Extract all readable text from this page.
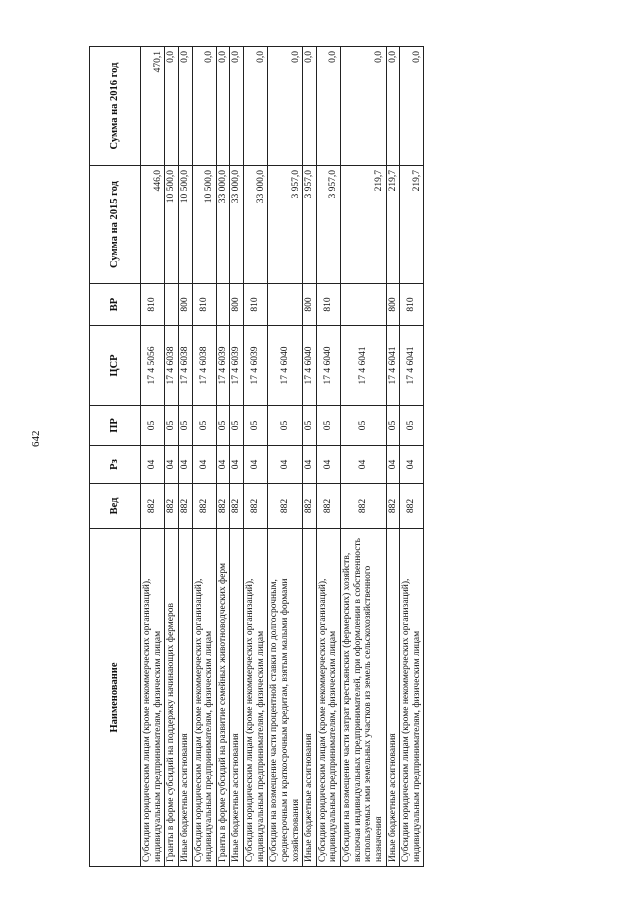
642
Наименование	Вед	Рз	ПР	ЦСР	ВР	Сумма на 2015 год	Сумма на 2016 год
Субсидии юридическим лицам (кроме некоммерческих организаций), индивидуальным предпринимателям, физическим лицам	882	04	05	17 4 5056	810	446,0	470,1
Гранты в форме субсидий на поддержку начинающих фермеров	882	04	05	17 4 6038		10 500,0	0,0
Иные бюджетные ассигнования	882	04	05	17 4 6038	800	10 500,0	0,0
Субсидии юридическим лицам (кроме некоммерческих организаций), индивидуальным предпринимателям, физическим лицам	882	04	05	17 4 6038	810	10 500,0	0,0
Гранты в форме субсидий на развитие семейных животноводческих ферм	882	04	05	17 4 6039		33 000,0	0,0
Иные бюджетные ассигнования	882	04	05	17 4 6039	800	33 000,0	0,0
Субсидии юридическим лицам (кроме некоммерческих организаций), индивидуальным предпринимателям, физическим лицам	882	04	05	17 4 6039	810	33 000,0	0,0
Субсидии на возмещение части процентной ставки по долгосрочным, среднесрочным и краткосрочным кредитам, взятым малыми формами хозяйствования	882	04	05	17 4 6040		3 957,0	0,0
Иные бюджетные ассигнования	882	04	05	17 4 6040	800	3 957,0	0,0
Субсидии юридическим лицам (кроме некоммерческих организаций), индивидуальным предпринимателям, физическим лицам	882	04	05	17 4 6040	810	3 957,0	0,0
Субсидии на возмещение части затрат крестьянских (фермерских) хозяйств, включая индивидуальных предпринимателей, при оформлении в собственность используемых ими земельных участков из земель сельскохозяйственного назначения	882	04	05	17 4 6041		219,7	0,0
Иные бюджетные ассигнования	882	04	05	17 4 6041	800	219,7	0,0
Субсидии юридическим лицам (кроме некоммерческих организаций), индивидуальным предпринимателям, физическим лицам	882	04	05	17 4 6041	810	219,7	0,0
